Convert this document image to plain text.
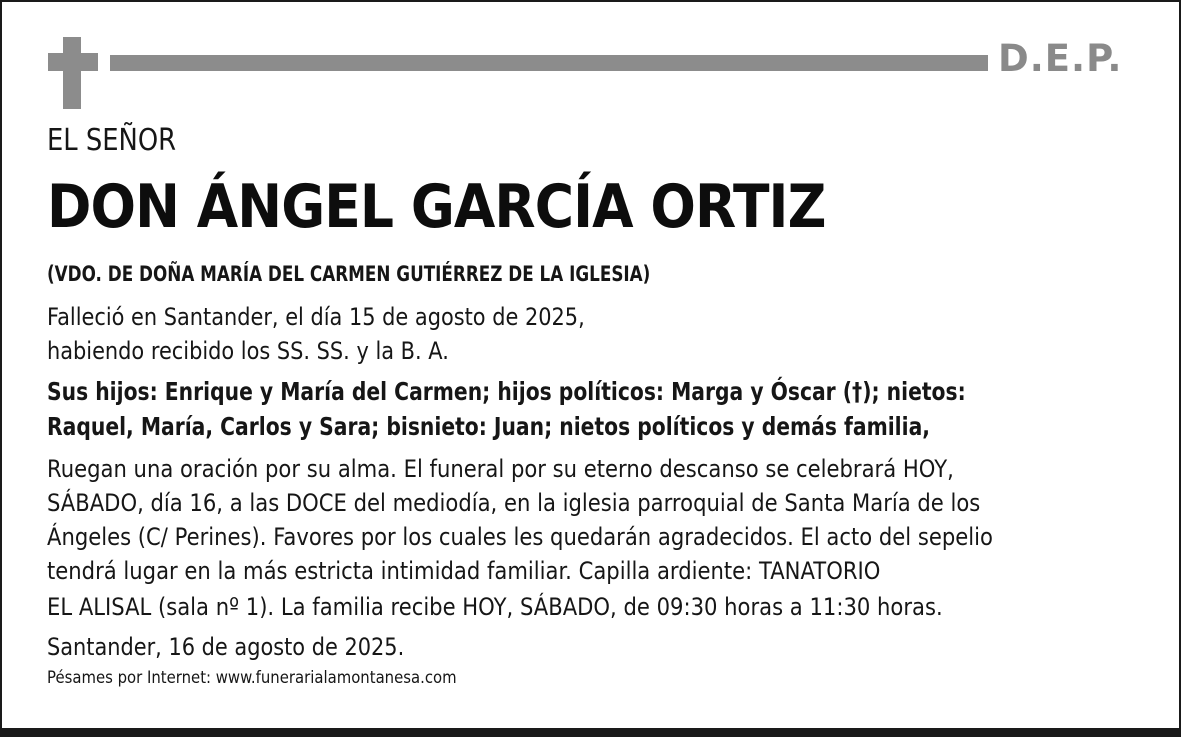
D.E.P.
EL SEÑOR
DON ÁNGEL GARCÍA ORTIZ
(VDO. DE DOÑA MARÍA DEL CARMEN GUTIÉRREZ DE LA IGLESIA)
Falleció en Santander, el día 15 de agosto de 2025,
habiendo recibido los SS. SS. y la B. A.
Sus hijos: Enrique y María del Carmen; hijos políticos: Marga y Óscar (†); nietos:
Raquel, María, Carlos y Sara; bisnieto: Juan; nietos políticos y demás familia,
Ruegan una oración por su alma. El funeral por su eterno descanso se celebrará HOY,
SÁBADO, día 16, a las DOCE del mediodía, en la iglesia parroquial de Santa María de los
Ángeles (C/ Perines). Favores por los cuales les quedarán agradecidos. El acto del sepelio
tendrá lugar en la más estricta intimidad familiar. Capilla ardiente: TANATORIO
EL ALISAL (sala nº 1). La familia recibe HOY, SÁBADO, de 09:30 horas a 11:30 horas.
Santander, 16 de agosto de 2025.
Pésames por Internet: www.funerarialamontanesa.com
